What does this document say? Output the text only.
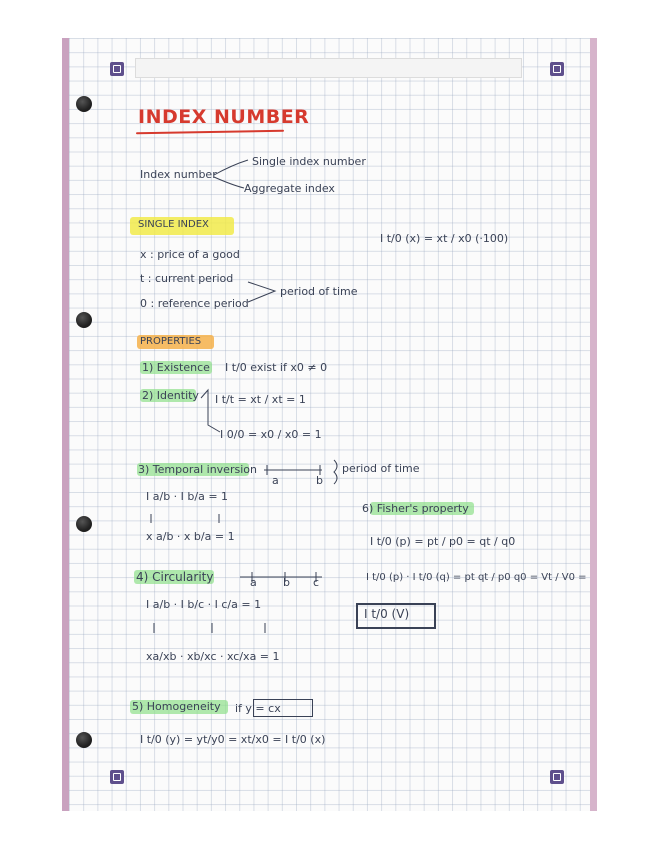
INDEX NUMBER
Index number
Single index number
Aggregate index
SINGLE INDEX
I t/0 (x) = xt / x0 (·100)
x : price of a good
t : current period
0 : reference period
period of time
PROPERTIES
1) Existence I t/0 exist if x0 ≠ 0
2) Identity I t/t = xt / xt = 1
I 0/0 = x0 / x0 = 1
3) Temporal inversion
a	b
period of time
I a/b · I b/a = 1
x a/b · x b/a = 1
4) Circularity	a b c
I a/b · I b/c · I c/a = 1
xa/xb · xb/xc · xc/xa = 1
5) Homogeneity if y = cx
I t/0 (y) = yt/y0 = xt/x0 = I t/0 (x)
6) Fisher's property
I t/0 (p) = pt / p0 = qt / q0
I t/0 (p) · I t/0 (q) = pt qt / p0 q0 = Vt / V0 =
I t/0 (V)
